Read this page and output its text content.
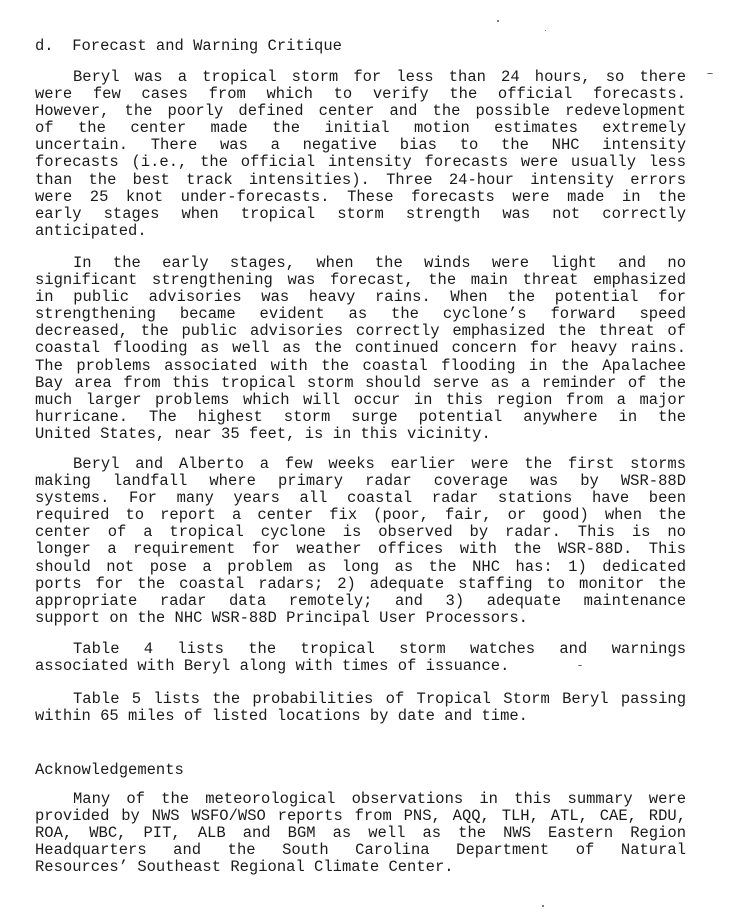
d.  Forecast and Warning Critique
Beryl was a tropical storm for less than 24 hours, so there
were few cases from which to verify the official forecasts.
However, the poorly defined center and the possible redevelopment
of the center made the initial motion estimates extremely
uncertain. There was a negative bias to the NHC intensity
forecasts (i.e., the official intensity forecasts were usually less
than the best track intensities). Three 24-hour intensity errors
were 25 knot under-forecasts. These forecasts were made in the
early stages when tropical storm strength was not correctly
anticipated.
In the early stages, when the winds were light and no
significant strengthening was forecast, the main threat emphasized
in public advisories was heavy rains. When the potential for
strengthening became evident as the cyclone’s forward speed
decreased, the public advisories correctly emphasized the threat of
coastal flooding as well as the continued concern for heavy rains.
The problems associated with the coastal flooding in the Apalachee
Bay area from this tropical storm should serve as a reminder of the
much larger problems which will occur in this region from a major
hurricane. The highest storm surge potential anywhere in the
United States, near 35 feet, is in this vicinity.
Beryl and Alberto a few weeks earlier were the first storms
making landfall where primary radar coverage was by WSR-88D
systems. For many years all coastal radar stations have been
required to report a center fix (poor, fair, or good) when the
center of a tropical cyclone is observed by radar. This is no
longer a requirement for weather offices with the WSR-88D. This
should not pose a problem as long as the NHC has: 1) dedicated
ports for the coastal radars; 2) adequate staffing to monitor the
appropriate radar data remotely; and 3) adequate maintenance
support on the NHC WSR-88D Principal User Processors.
Table 4 lists the tropical storm watches and warnings
associated with Beryl along with times of issuance.
Table 5 lists the probabilities of Tropical Storm Beryl passing
within 65 miles of listed locations by date and time.
Acknowledgements
Many of the meteorological observations in this summary were
provided by NWS WSFO/WSO reports from PNS, AQQ, TLH, ATL, CAE, RDU,
ROA, WBC, PIT, ALB and BGM as well as the NWS Eastern Region
Headquarters and the South Carolina Department of Natural
Resources’ Southeast Regional Climate Center.
